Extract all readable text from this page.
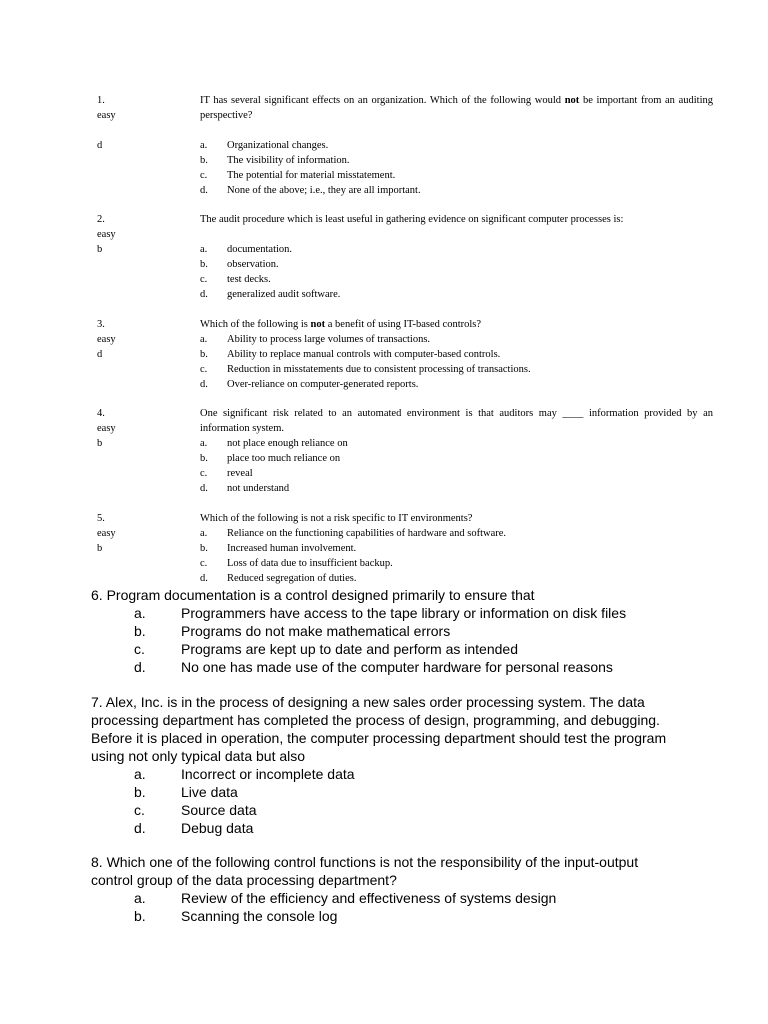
1.
easy
d
IT has several significant effects on an organization. Which of the following would not be important from an auditing perspective?
a.	Organizational changes.
b.	The visibility of information.
c.	The potential for material misstatement.
d.	None of the above; i.e., they are all important.
2.
easy
b
The audit procedure which is least useful in gathering evidence on significant computer processes is:
a.	documentation.
b.	observation.
c.	test decks.
d.	generalized audit software.
3.
easy
d
Which of the following is not a benefit of using IT-based controls?
a.	Ability to process large volumes of transactions.
b.	Ability to replace manual controls with computer-based controls.
c.	Reduction in misstatements due to consistent processing of transactions.
d.	Over-reliance on computer-generated reports.
4.
easy
b
One significant risk related to an automated environment is that auditors may ____ information provided by an information system.
a.	not place enough reliance on
b.	place too much reliance on
c.	reveal
d.	not understand
5.
easy
b
Which of the following is not a risk specific to IT environments?
a.	Reliance on the functioning capabilities of hardware and software.
b.	Increased human involvement.
c.	Loss of data due to insufficient backup.
d.	Reduced segregation of duties.
6. Program documentation is a control designed primarily to ensure that
a.	Programmers have access to the tape library or information on disk files
b.	Programs do not make mathematical errors
c.	Programs are kept up to date and perform as intended
d.	No one has made use of the computer hardware for personal reasons
7. Alex, Inc. is in the process of designing a new sales order processing system. The data processing department has completed the process of design, programming, and debugging. Before it is placed in operation, the computer processing department should test the program using not only typical data but also
a.	Incorrect or incomplete data
b.	Live data
c.	Source data
d.	Debug data
8. Which one of the following control functions is not the responsibility of the input-output control group of the data processing department?
a.	Review of the efficiency and effectiveness of systems design
b.	Scanning the console log
